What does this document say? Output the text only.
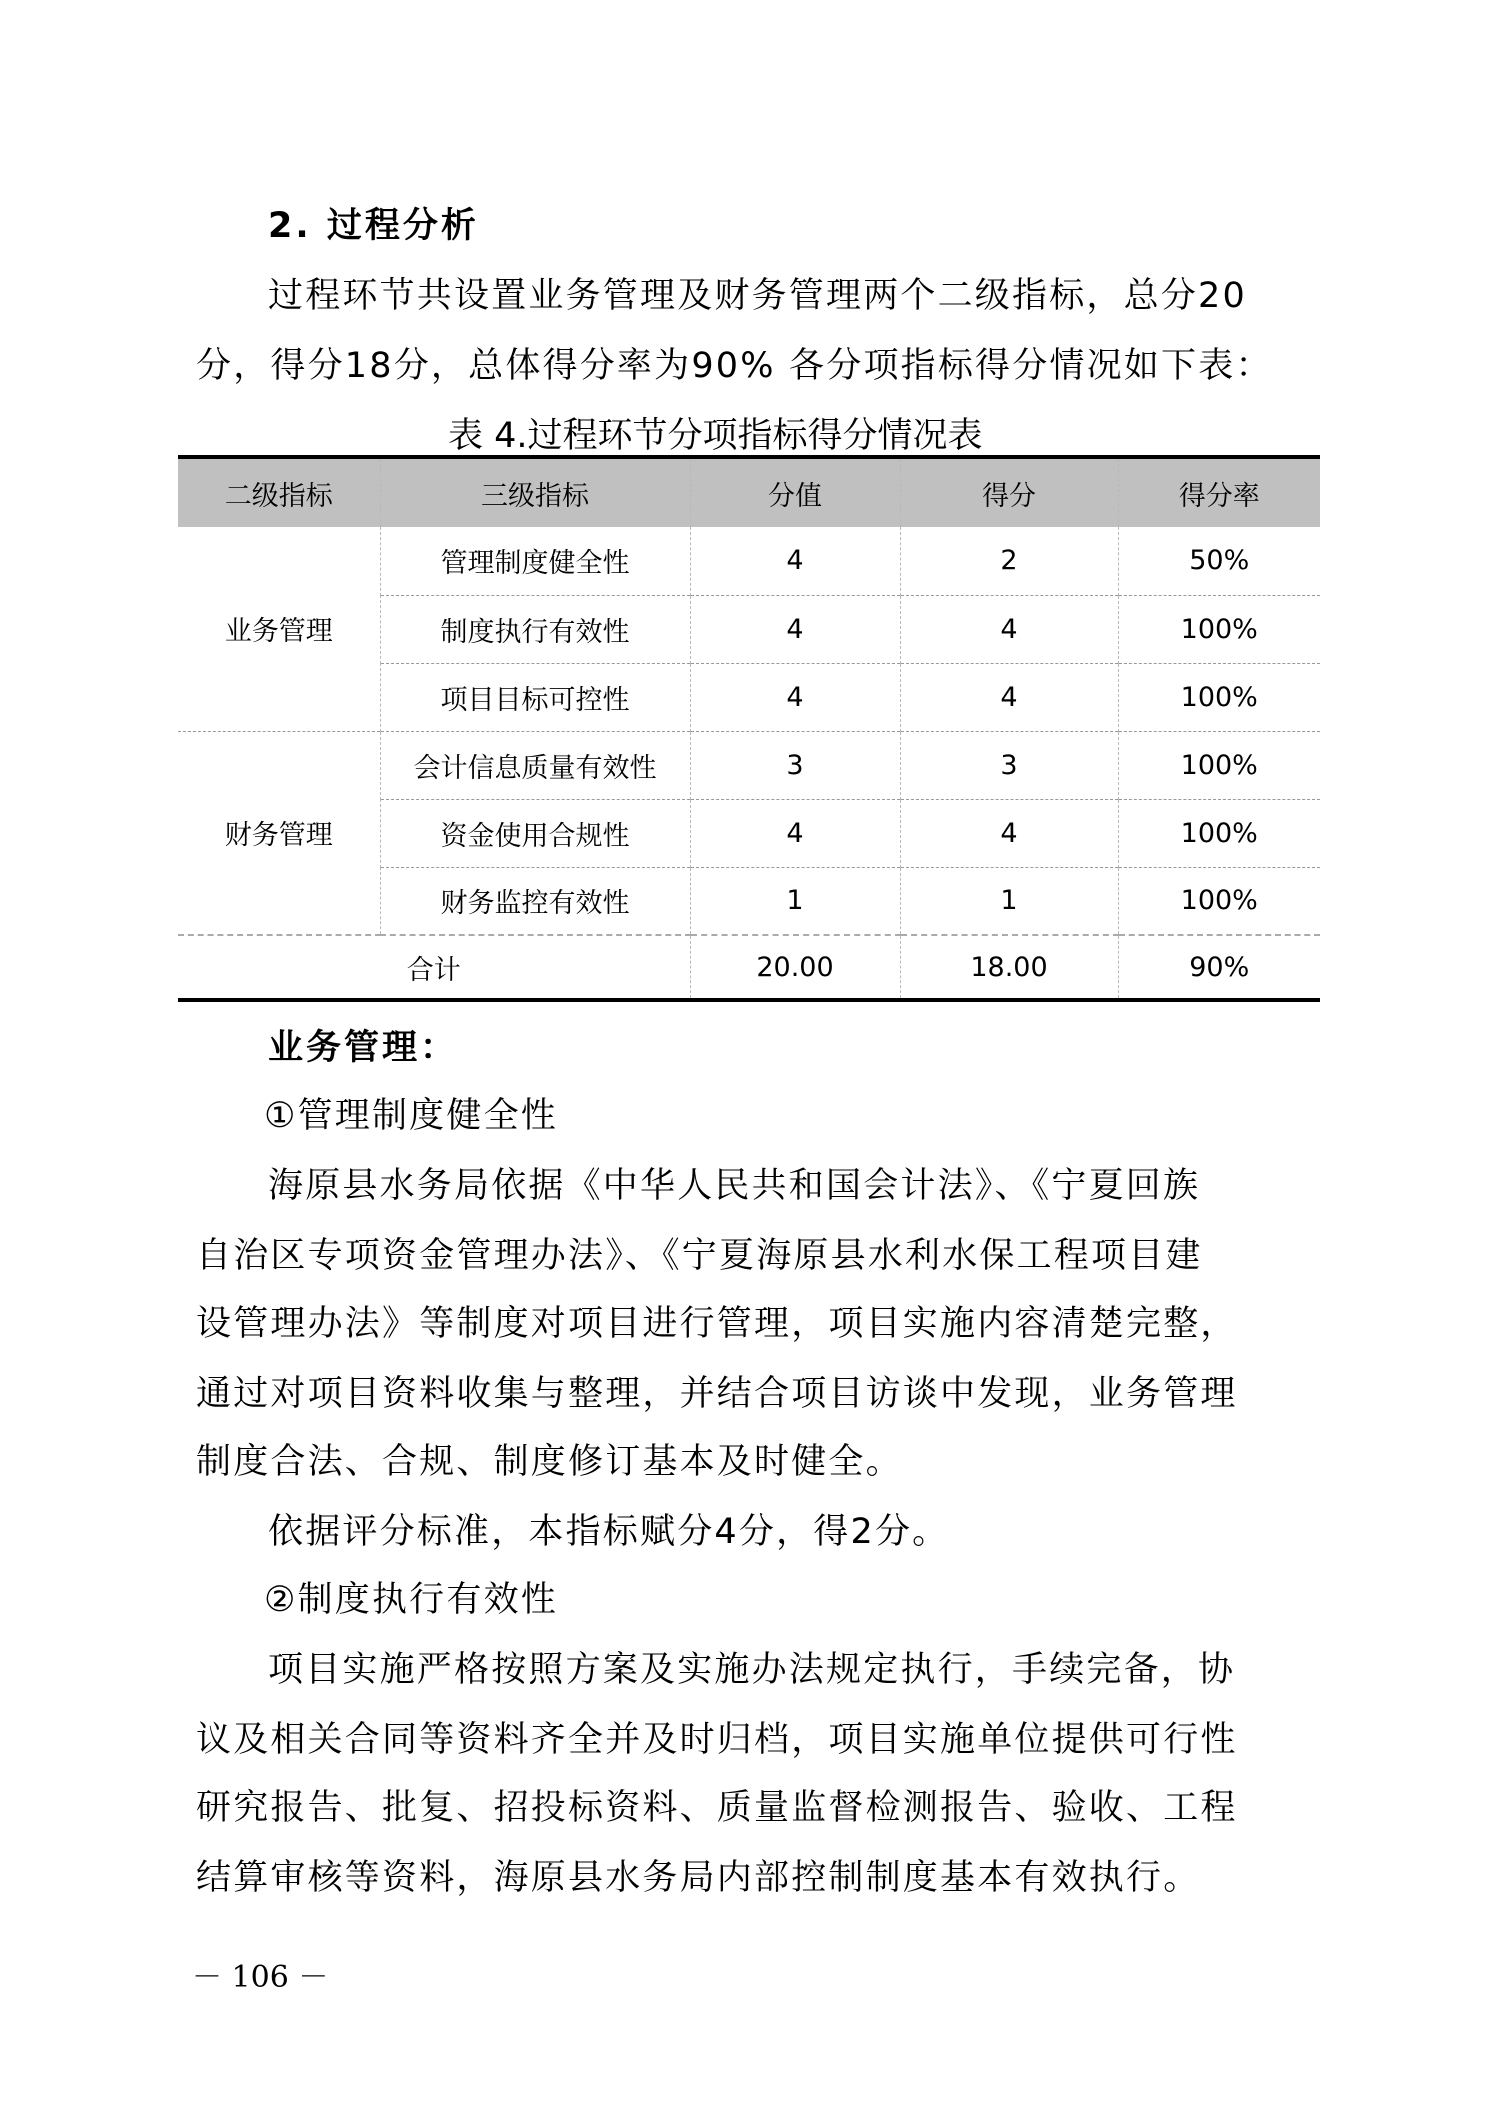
2. 过程分析
过程环节共设置业务管理及财务管理两个二级指标，总分20
分，得分18分，总体得分率为90% 各分项指标得分情况如下表：
表 4.过程环节分项指标得分情况表
二级指标	三级指标	分值	得分	得分率
业务管理	管理制度健全性	4	2	50%
	制度执行有效性	4	4	100%
	项目目标可控性	4	4	100%
财务管理	会计信息质量有效性	3	3	100%
	资金使用合规性	4	4	100%
	财务监控有效性	1	1	100%
合计		20.00	18.00	90%
业务管理：
①管理制度健全性
海原县水务局依据《中华人民共和国会计法》、《宁夏回族
自治区专项资金管理办法》、《宁夏海原县水利水保工程项目建
设管理办法》等制度对项目进行管理，项目实施内容清楚完整，
通过对项目资料收集与整理，并结合项目访谈中发现，业务管理
制度合法、合规、制度修订基本及时健全。
依据评分标准，本指标赋分4分，得2分。
②制度执行有效性
项目实施严格按照方案及实施办法规定执行，手续完备，协
议及相关合同等资料齐全并及时归档，项目实施单位提供可行性
研究报告、批复、招投标资料、质量监督检测报告、验收、工程
结算审核等资料，海原县水务局内部控制制度基本有效执行。
－ 106 －
